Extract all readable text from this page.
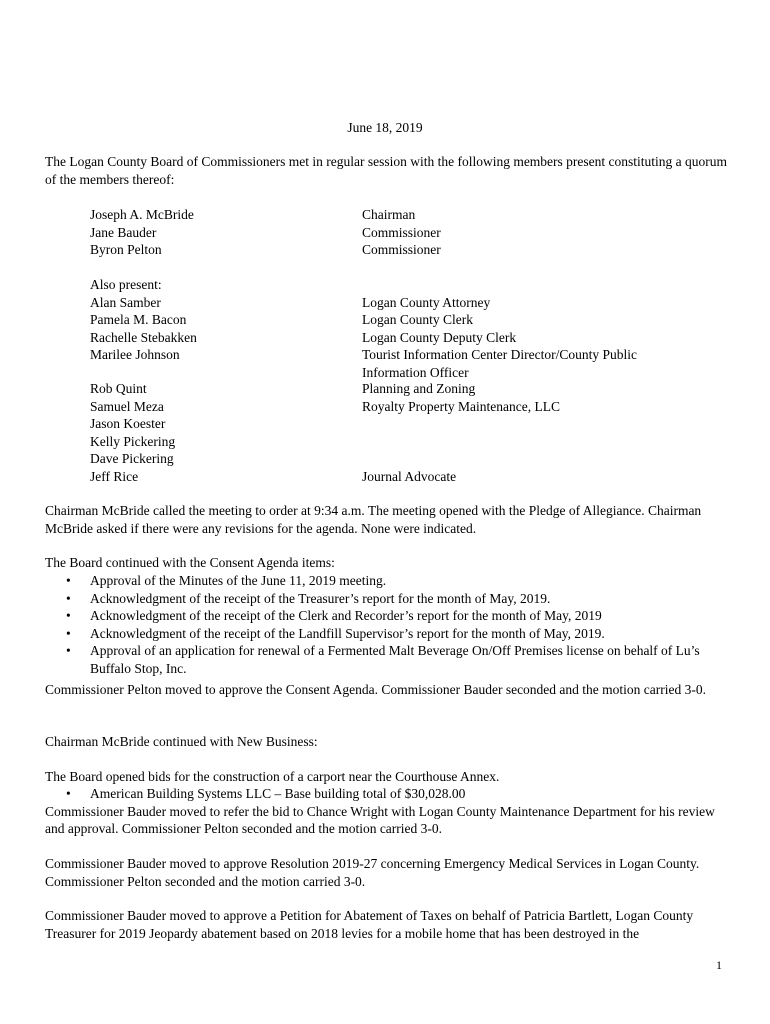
June 18, 2019

The Logan County Board of Commissioners met in regular session with the following members present constituting a quorum of the members thereof:

Joseph A. McBride	Chairman
Jane Bauder	Commissioner
Byron Pelton	Commissioner
Also present:
Alan Samber	Logan County Attorney
Pamela M. Bacon	Logan County Clerk
Rachelle Stebakken	Logan County Deputy Clerk
Marilee Johnson	Tourist Information Center Director/County Public Information Officer
Rob Quint	Planning and Zoning
Samuel Meza	Royalty Property Maintenance, LLC
Jason Koester
Kelly Pickering
Dave Pickering
Jeff Rice	Journal Advocate

Chairman McBride called the meeting to order at 9:34 a.m. The meeting opened with the Pledge of Allegiance. Chairman McBride asked if there were any revisions for the agenda. None were indicated.

The Board continued with the Consent Agenda items:

• Approval of the Minutes of the June 11, 2019 meeting.
• Acknowledgment of the receipt of the Treasurer’s report for the month of May, 2019.
• Acknowledgment of the receipt of the Clerk and Recorder’s report for the month of May, 2019
• Acknowledgment of the receipt of the Landfill Supervisor’s report for the month of May, 2019.
• Approval of an application for renewal of a Fermented Malt Beverage On/Off Premises license on behalf of Lu’s Buffalo Stop, Inc.

Commissioner Pelton moved to approve the Consent Agenda. Commissioner Bauder seconded and the motion carried 3-0.

Chairman McBride continued with New Business:

The Board opened bids for the construction of a carport near the Courthouse Annex.

• American Building Systems LLC – Base building total of $30,028.00

Commissioner Bauder moved to refer the bid to Chance Wright with Logan County Maintenance Department for his review and approval. Commissioner Pelton seconded and the motion carried 3-0.

Commissioner Bauder moved to approve Resolution 2019-27 concerning Emergency Medical Services in Logan County. Commissioner Pelton seconded and the motion carried 3-0.

Commissioner Bauder moved to approve a Petition for Abatement of Taxes on behalf of Patricia Bartlett, Logan County Treasurer for 2019 Jeopardy abatement based on 2018 levies for a mobile home that has been destroyed in the

1
